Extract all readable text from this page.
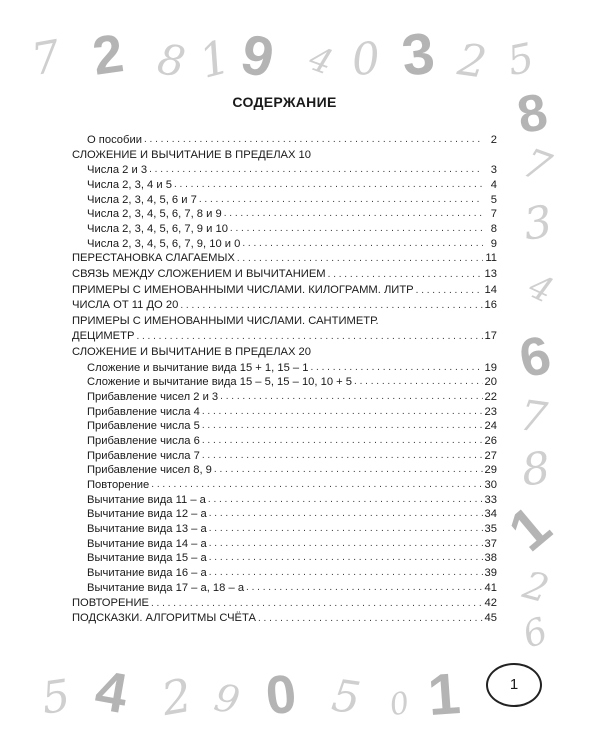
7 2 8 1 9 4 0 3 2 5
8
7
3
4
6
7
8
1
2
6
5 4 2 9 0 5 0 1
СОДЕРЖАНИЕ
О пособии . . .	2
СЛОЖЕНИЕ И ВЫЧИТАНИЕ В ПРЕДЕЛАХ 10
Числа 2 и 3 . . .	3
Числа 2, 3, 4 и 5 . . .	4
Числа 2, 3, 4, 5, 6 и 7 . . .	5
Числа 2, 3, 4, 5, 6, 7, 8 и 9 . . .	7
Числа 2, 3, 4, 5, 6, 7, 9 и 10 . . .	8
Числа 2, 3, 4, 5, 6, 7, 9, 10 и 0 . . .	9
ПЕРЕСТАНОВКА СЛАГАЕМЫХ . . .	11
СВЯЗЬ МЕЖДУ СЛОЖЕНИЕМ И ВЫЧИТАНИЕМ . . .	13
ПРИМЕРЫ С ИМЕНОВАННЫМИ ЧИСЛАМИ. КИЛОГРАММ. ЛИТР . . .	14
ЧИСЛА ОТ 11 ДО 20 . . .	16
ПРИМЕРЫ С ИМЕНОВАННЫМИ ЧИСЛАМИ. САНТИМЕТР.
ДЕЦИМЕТР . . .	17
СЛОЖЕНИЕ И ВЫЧИТАНИЕ В ПРЕДЕЛАХ 20
Сложение и вычитание вида 15 + 1, 15 – 1 . . .	19
Сложение и вычитание вида 15 – 5, 15 – 10, 10 + 5 . . .	20
Прибавление чисел 2 и 3 . . .	22
Прибавление числа 4 . . .	23
Прибавление числа 5 . . .	24
Прибавление числа 6 . . .	26
Прибавление числа 7 . . .	27
Прибавление чисел 8, 9 . . .	29
Повторение . . .	30
Вычитание вида 11 – а . . .	33
Вычитание вида 12 – а . . .	34
Вычитание вида 13 – а . . .	35
Вычитание вида 14 – а . . .	37
Вычитание вида 15 – а . . .	38
Вычитание вида 16 – а . . .	39
Вычитание вида 17 – а, 18 – а . . .	41
ПОВТОРЕНИЕ . . .	42
ПОДСКАЗКИ. АЛГОРИТМЫ СЧЁТА . . .	45
1
